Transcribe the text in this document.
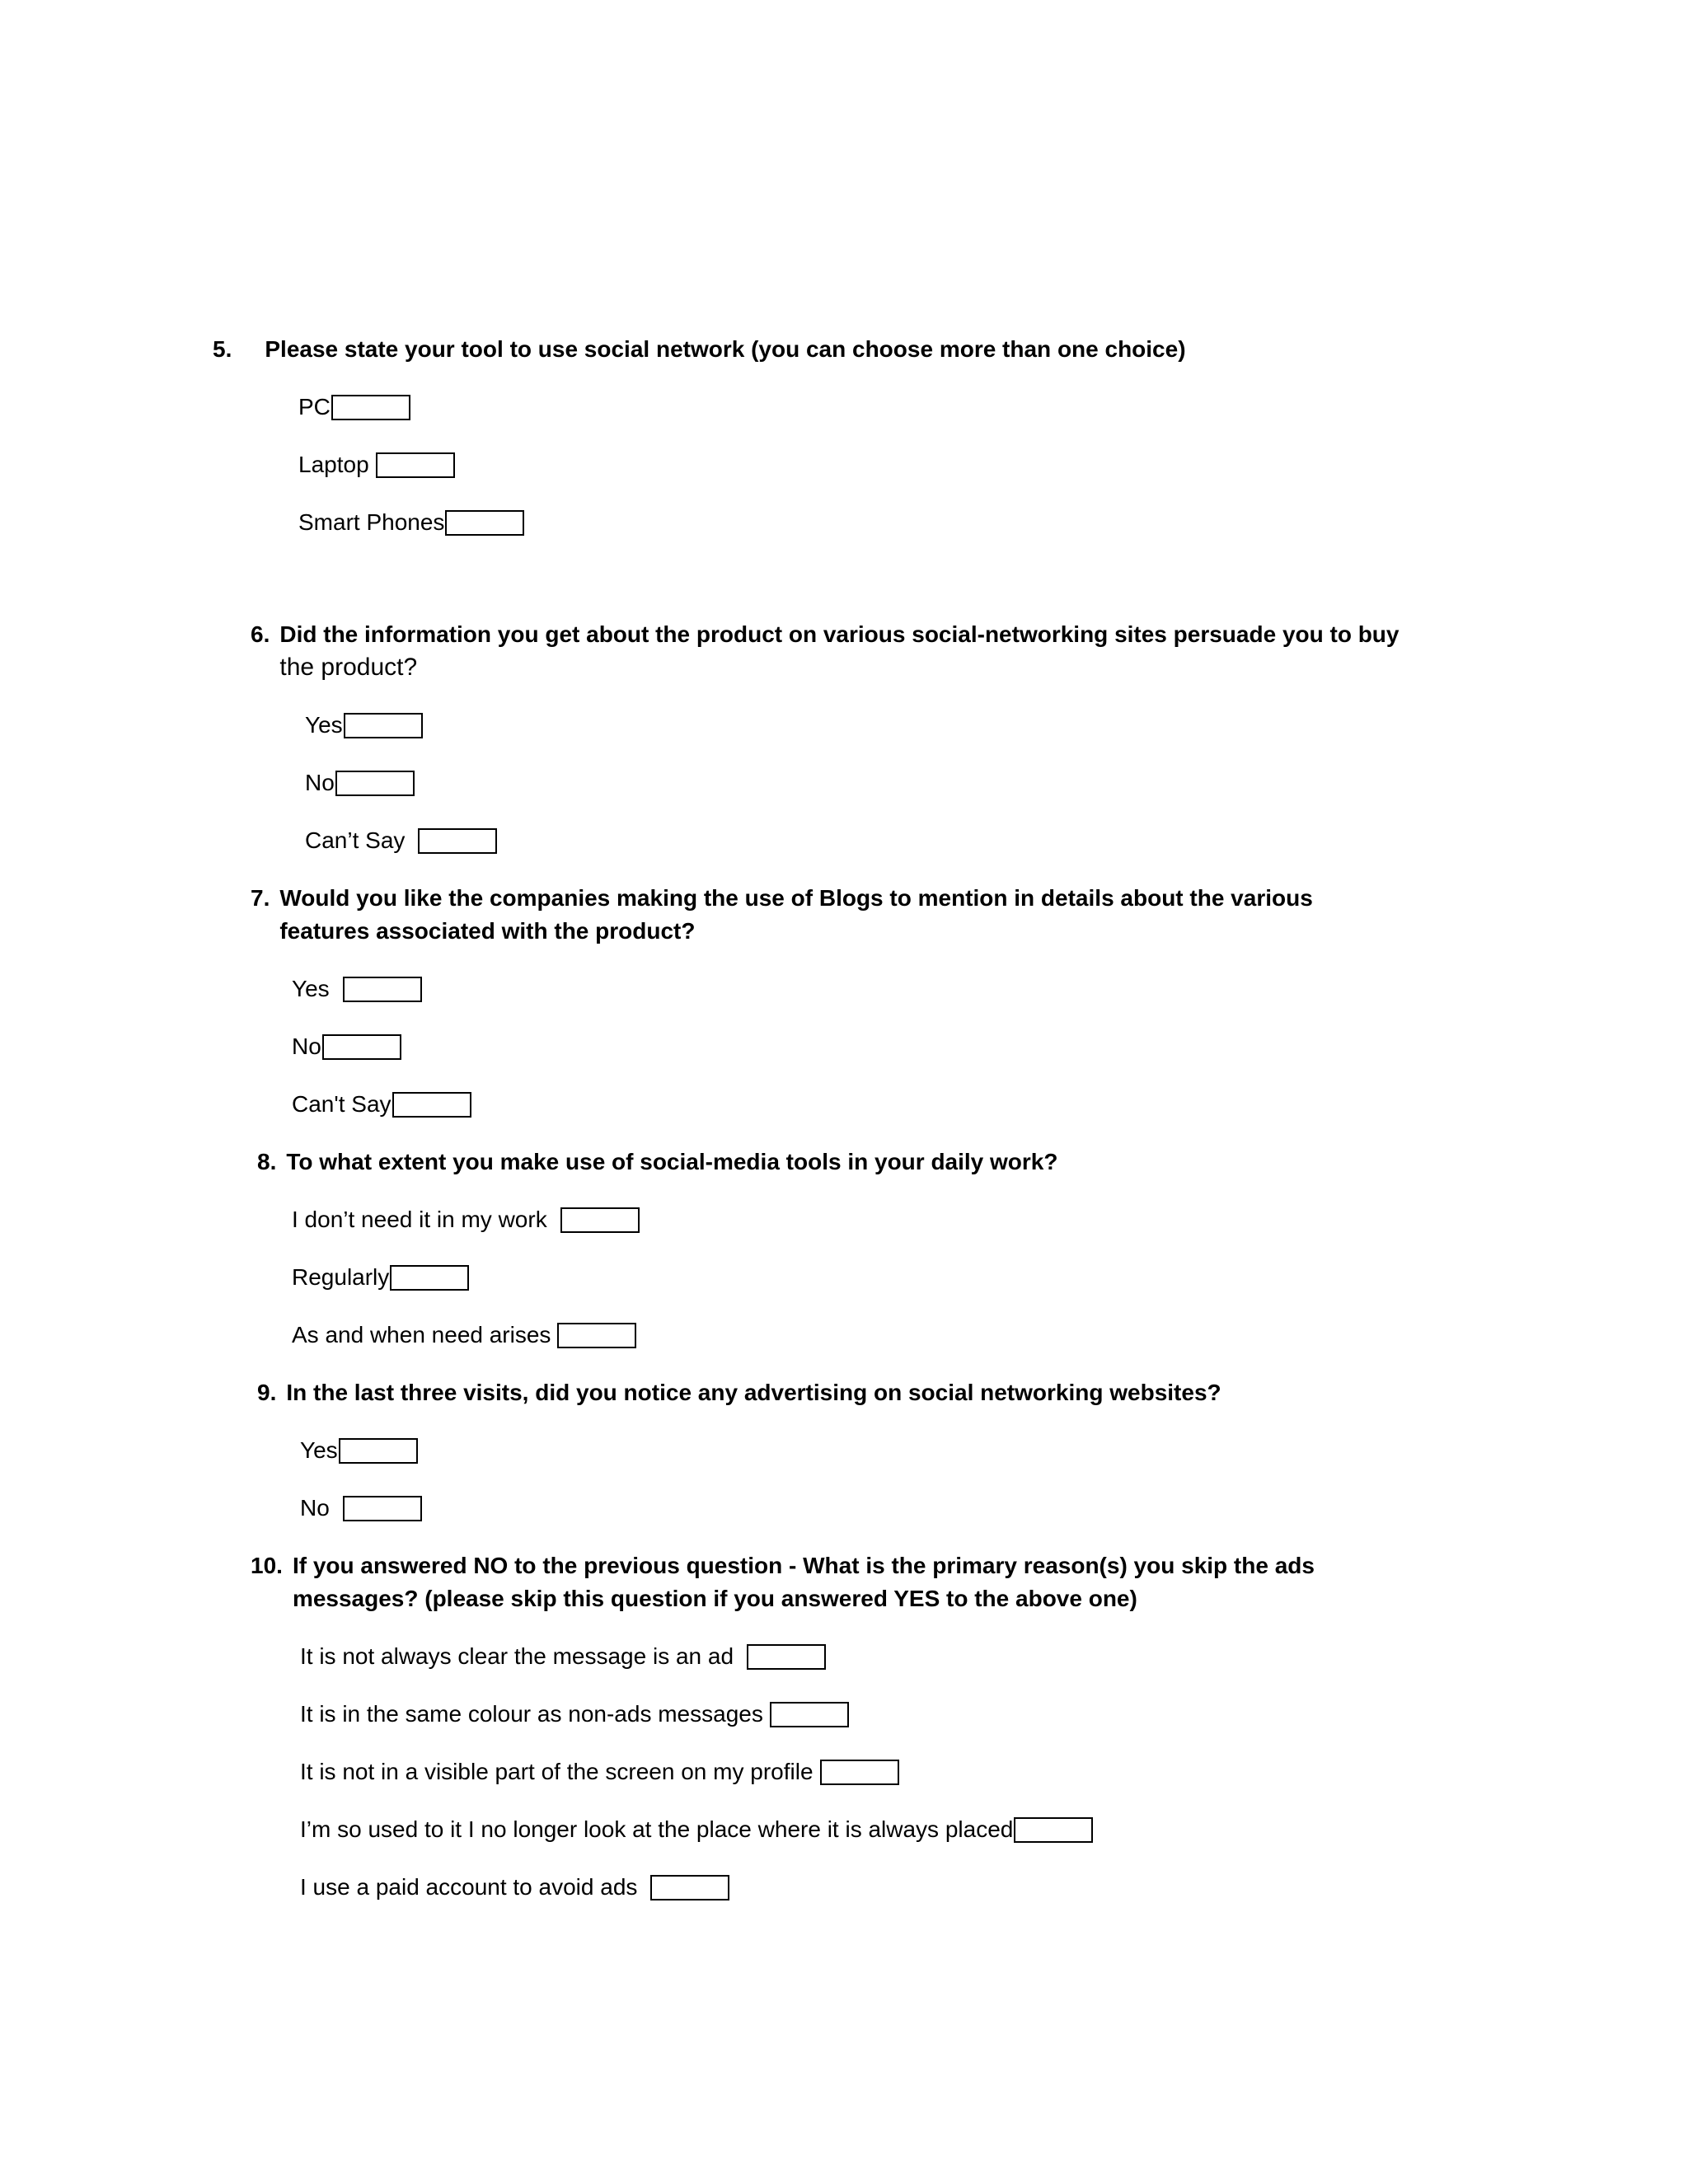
5. Please state your tool to use social network (you can choose more than one choice)
PC
Laptop
Smart Phones
6. Did the information you get about the product on various social-networking sites persuade you to buy
the product?
Yes
No
Can’t Say
7. Would you like the companies making the use of Blogs to mention in details about the various
features associated with the product?
Yes
No
Can't Say
8. To what extent you make use of social-media tools in your daily work?
I don’t need it in my work
Regularly
As and when need arises
9. In the last three visits, did you notice any advertising on social networking websites?
Yes
No
10. If you answered NO to the previous question - What is the primary reason(s) you skip the ads
messages? (please skip this question if you answered YES to the above one)
It is not always clear the message is an ad
It is in the same colour as non-ads messages
It is not in a visible part of the screen on my profile
I’m so used to it I no longer look at the place where it is always placed
I use a paid account to avoid ads
